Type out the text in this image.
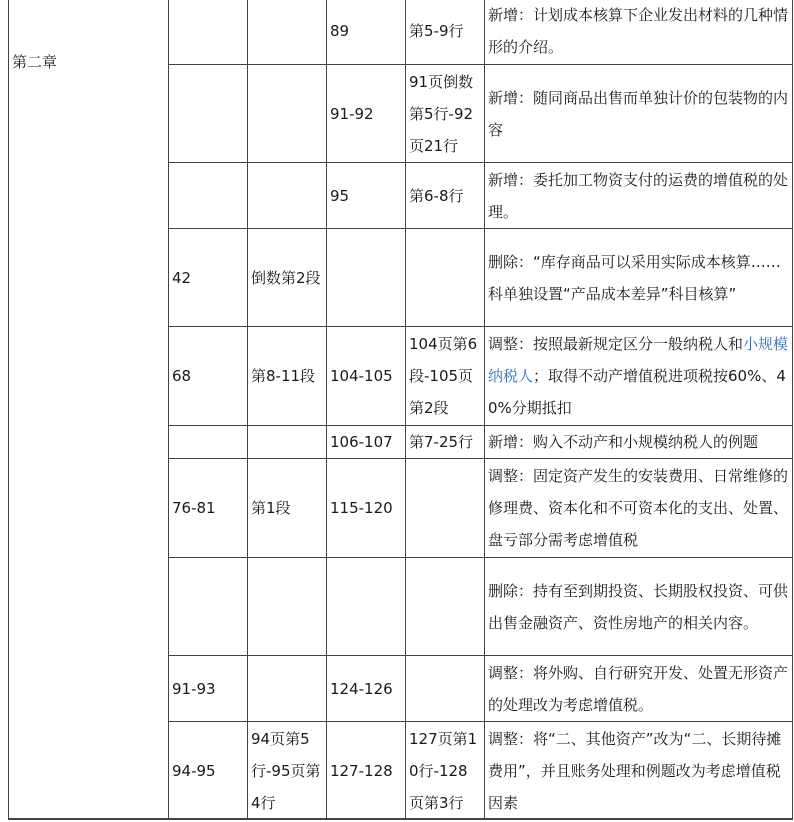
第二章			89	第5-9行	新增：计划成本核算下企业发出材料的几种情形的介绍。
			91-92	91页倒数第5行-92页21行	新增：随同商品出售而单独计价的包装物的内容
			95	第6-8行	新增：委托加工物资支付的运费的增值税的处理。
	42	倒数第2段			删除：“库存商品可以采用实际成本核算……科单独设置“产品成本差异”科目核算”
	68	第8-11段	104-105	104页第6段-105页第2段	调整：按照最新规定区分一般纳税人和小规模纳税人；取得不动产增值税进项税按60%、40%分期抵扣
			106-107	第7-25行	新增：购入不动产和小规模纳税人的例题
	76-81	第1段	115-120		调整：固定资产发生的安装费用、日常维修的修理费、资本化和不可资本化的支出、处置、盘亏部分需考虑增值税
					删除：持有至到期投资、长期股权投资、可供出售金融资产、资性房地产的相关内容。
	91-93		124-126		调整：将外购、自行研究开发、处置无形资产的处理改为考虑增值税。
	94-95	94页第5行-95页第4行	127-128	127页第10行-128页第3行	调整：将“二、其他资产”改为“二、长期待摊费用”，并且账务处理和例题改为考虑增值税因素
